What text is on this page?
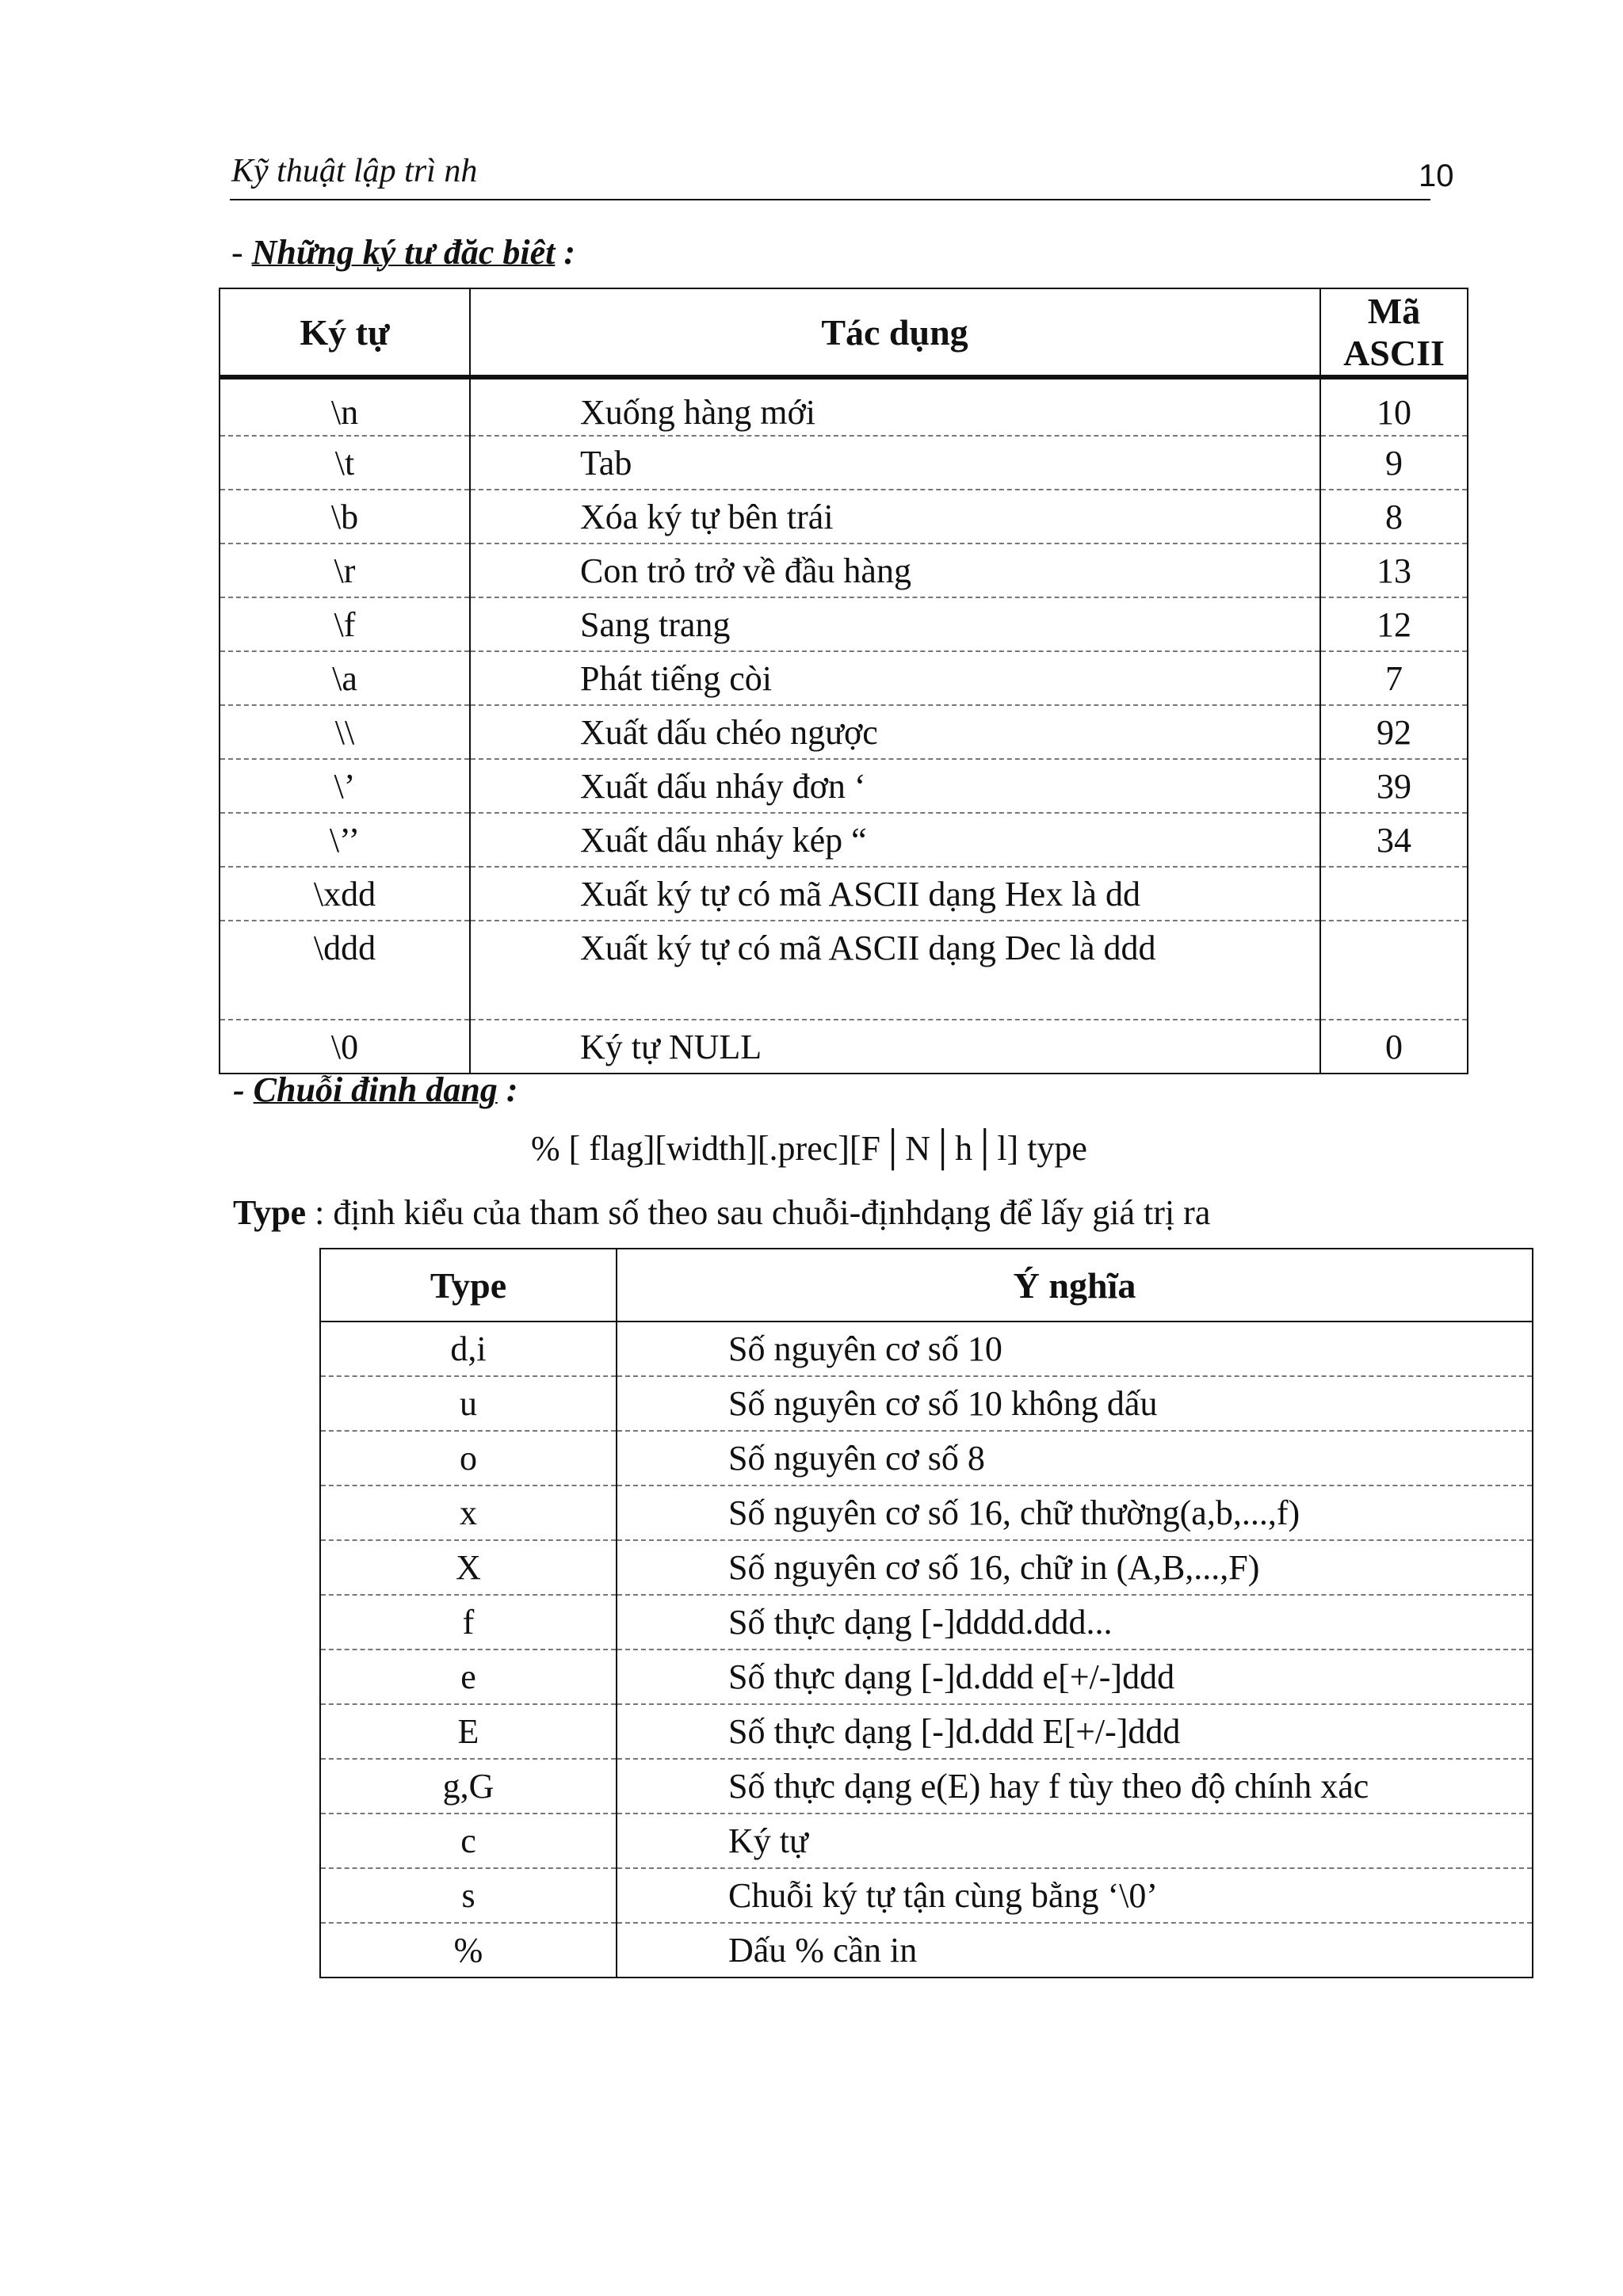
Kỹ thuật lập trì nh	10
- Những ký tư đăc biêt :
Ký tự	Tác dụng	Mã ASCII
\n	Xuống hàng mới	10
\t	Tab	9
\b	Xóa ký tự bên trái	8
\r	Con trỏ trở về đầu hàng	13
\f	Sang trang	12
\a	Phát tiếng còi	7
\\	Xuất dấu chéo ngược	92
\’	Xuất dấu nháy đơn ‘	39
\’’	Xuất dấu nháy kép “	34
\xdd	Xuất ký tự có mã ASCII dạng Hex là dd	
\ddd	Xuất ký tự có mã ASCII dạng Dec là ddd	
\0	Ký tự NULL	0
- Chuỗi đinh dang :
% [ flag][width][.prec][F│N│h│l] type
Type : định kiểu của tham số theo sau chuỗi-địnhdạng để lấy giá trị ra
Type	Ý nghĩa
d,i	Số nguyên cơ số 10
u	Số nguyên cơ số 10 không dấu
o	Số nguyên cơ số 8
x	Số nguyên cơ số 16, chữ thường(a,b,...,f)
X	Số nguyên cơ số 16, chữ in (A,B,...,F)
f	Số thực dạng [-]dddd.ddd...
e	Số thực dạng [-]d.ddd e[+/-]ddd
E	Số thực dạng [-]d.ddd E[+/-]ddd
g,G	Số thực dạng e(E) hay f tùy theo độ chính xác
c	Ký tự
s	Chuỗi ký tự tận cùng bằng ‘\0’
%	Dấu % cần in
